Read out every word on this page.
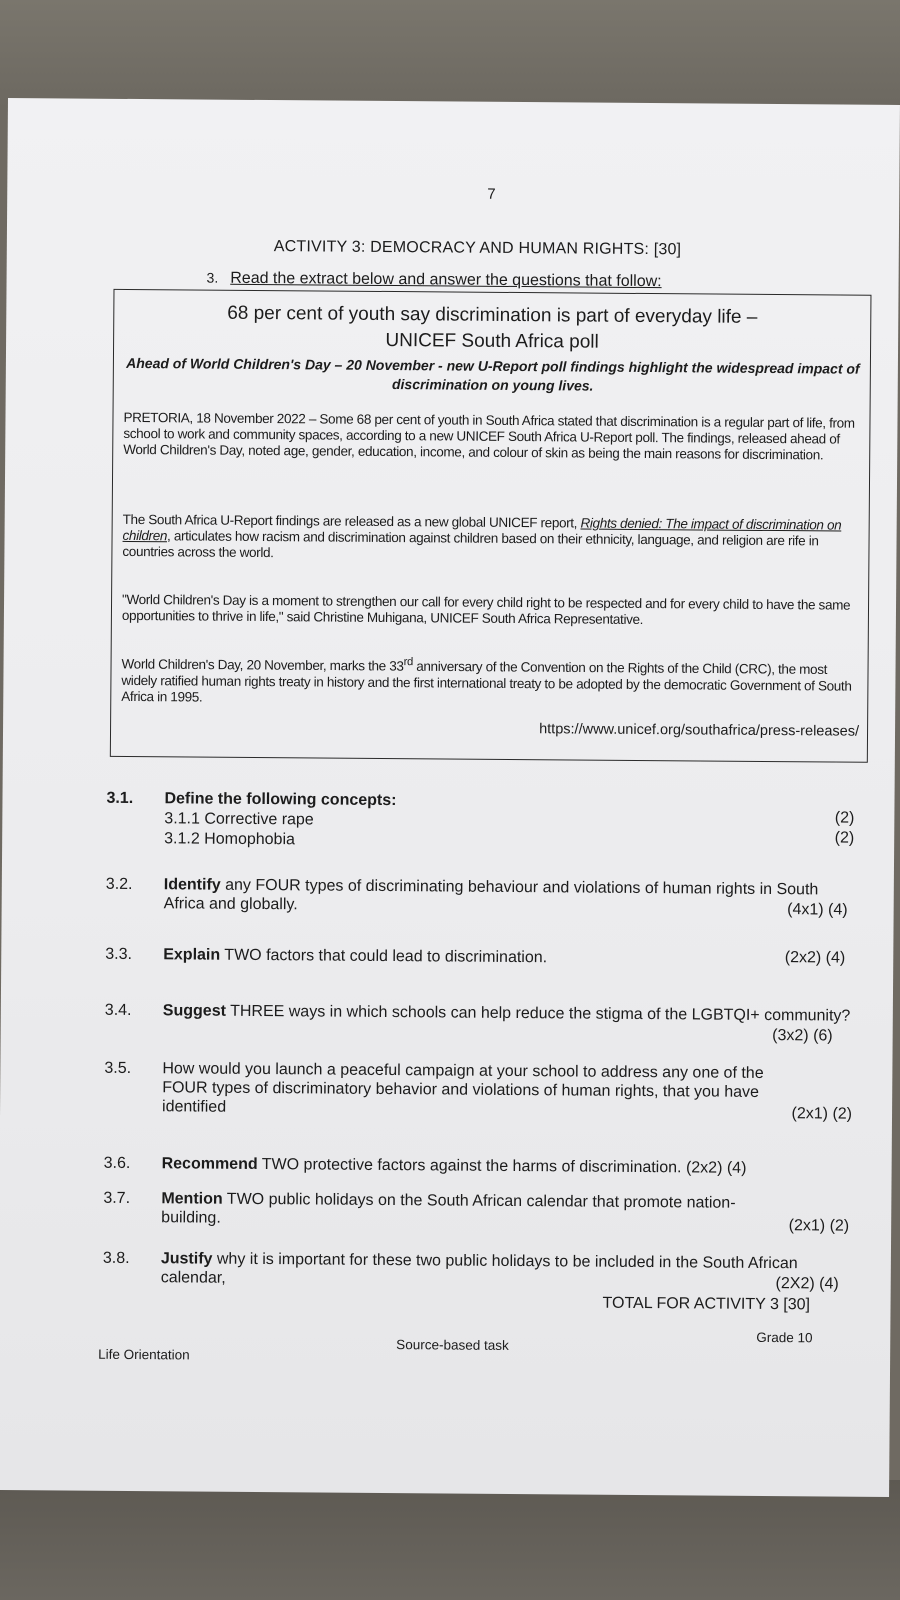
7
ACTIVITY 3: DEMOCRACY AND HUMAN RIGHTS: [30]
3. Read the extract below and answer the questions that follow:
68 per cent of youth say discrimination is part of everyday life –
UNICEF South Africa poll
Ahead of World Children's Day – 20 November - new U-Report poll findings highlight the widespread impact of discrimination on young lives.
PRETORIA, 18 November 2022 – Some 68 per cent of youth in South Africa stated that discrimination is a regular part of life, from school to work and community spaces, according to a new UNICEF South Africa U-Report poll. The findings, released ahead of World Children's Day, noted age, gender, education, income, and colour of skin as being the main reasons for discrimination.
The South Africa U-Report findings are released as a new global UNICEF report, Rights denied: The impact of discrimination on children, articulates how racism and discrimination against children based on their ethnicity, language, and religion are rife in countries across the world.
"World Children's Day is a moment to strengthen our call for every child right to be respected and for every child to have the same opportunities to thrive in life," said Christine Muhigana, UNICEF South Africa Representative.
World Children's Day, 20 November, marks the 33rd anniversary of the Convention on the Rights of the Child (CRC), the most widely ratified human rights treaty in history and the first international treaty to be adopted by the democratic Government of South Africa in 1995.
https://www.unicef.org/southafrica/press-releases/
3.1. Define the following concepts:
3.1.1 Corrective rape	(2)
3.1.2 Homophobia	(2)
3.2. Identify any FOUR types of discriminating behaviour and violations of human rights in South Africa and globally.	(4x1) (4)
3.3. Explain TWO factors that could lead to discrimination.	(2x2) (4)
3.4. Suggest THREE ways in which schools can help reduce the stigma of the LGBTQI+ community?
(3x2) (6)
3.5. How would you launch a peaceful campaign at your school to address any one of the FOUR types of discriminatory behavior and violations of human rights, that you have identified	(2x1) (2)
3.6. Recommend TWO protective factors against the harms of discrimination. (2x2) (4)
3.7. Mention TWO public holidays on the South African calendar that promote nation-building.	(2x1) (2)
3.8. Justify why it is important for these two public holidays to be included in the South African calendar,	(2X2) (4)
TOTAL FOR ACTIVITY 3 [30]
Life Orientation
Source-based task	Grade 10
